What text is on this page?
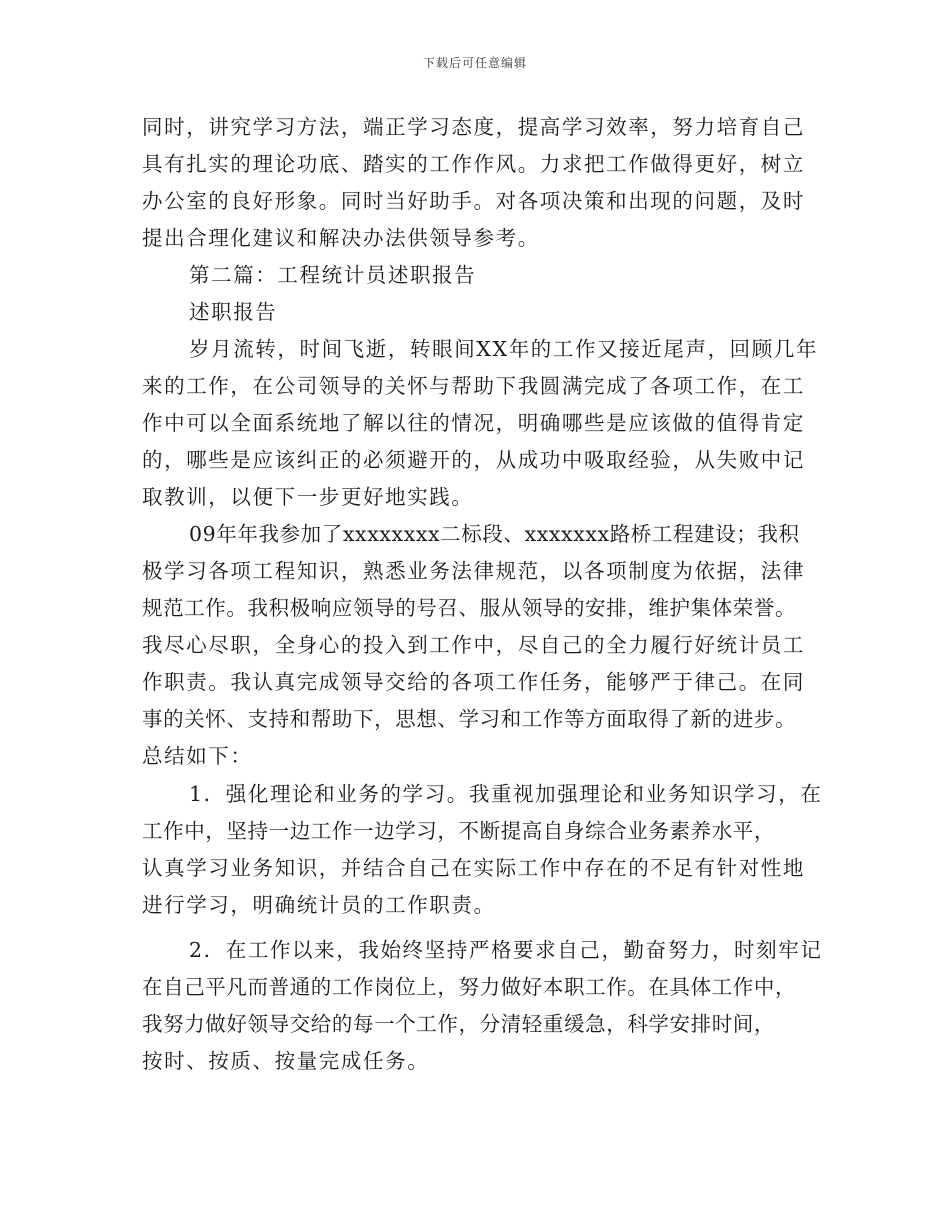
下载后可任意编辑
同时，讲究学习方法，端正学习态度，提高学习效率，努力培育自己
具有扎实的理论功底、踏实的工作作风。力求把工作做得更好，树立
办公室的良好形象。同时当好助手。对各项决策和出现的问题，及时
提出合理化建议和解决办法供领导参考。
第二篇：工程统计员述职报告
述职报告
岁月流转，时间飞逝，转眼间XX年的工作又接近尾声，回顾几年
来的工作，在公司领导的关怀与帮助下我圆满完成了各项工作，在工
作中可以全面系统地了解以往的情况，明确哪些是应该做的值得肯定
的，哪些是应该纠正的必须避开的，从成功中吸取经验，从失败中记
取教训，以便下一步更好地实践。
09年年我参加了xxxxxxxx二标段、xxxxxxx路桥工程建设；我积
极学习各项工程知识，熟悉业务法律规范，以各项制度为依据，法律
规范工作。我积极响应领导的号召、服从领导的安排，维护集体荣誉。
我尽心尽职，全身心的投入到工作中，尽自己的全力履行好统计员工
作职责。我认真完成领导交给的各项工作任务，能够严于律己。在同
事的关怀、支持和帮助下，思想、学习和工作等方面取得了新的进步。
总结如下：
1．强化理论和业务的学习。我重视加强理论和业务知识学习，在
工作中，坚持一边工作一边学习，不断提高自身综合业务素养水平，
认真学习业务知识，并结合自己在实际工作中存在的不足有针对性地
进行学习，明确统计员的工作职责。
2．在工作以来，我始终坚持严格要求自己，勤奋努力，时刻牢记
在自己平凡而普通的工作岗位上，努力做好本职工作。在具体工作中，
我努力做好领导交给的每一个工作，分清轻重缓急，科学安排时间，
按时、按质、按量完成任务。
